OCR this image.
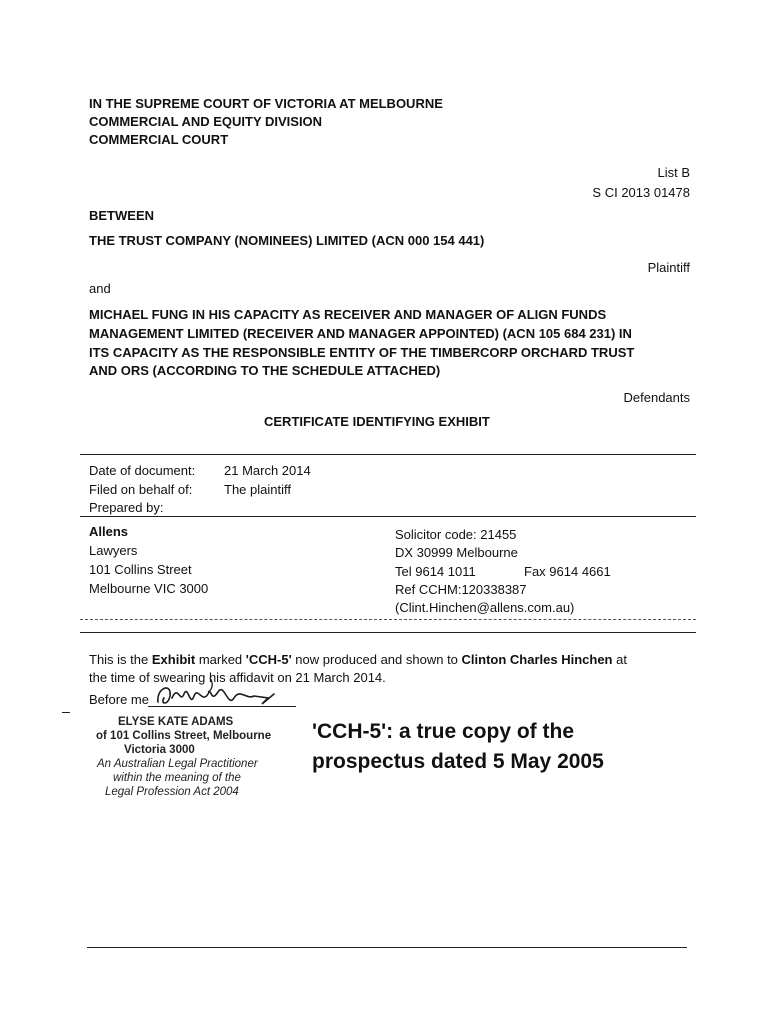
IN THE SUPREME COURT OF VICTORIA AT MELBOURNE
COMMERCIAL AND EQUITY DIVISION
COMMERCIAL COURT
List B
S CI 2013 01478
BETWEEN
THE TRUST COMPANY (NOMINEES) LIMITED (ACN 000 154 441)
Plaintiff
and
MICHAEL FUNG IN HIS CAPACITY AS RECEIVER AND MANAGER OF ALIGN FUNDS
MANAGEMENT LIMITED (RECEIVER AND MANAGER APPOINTED) (ACN 105 684 231) IN
ITS CAPACITY AS THE RESPONSIBLE ENTITY OF THE TIMBERCORP ORCHARD TRUST
AND ORS (ACCORDING TO THE SCHEDULE ATTACHED)
Defendants
CERTIFICATE IDENTIFYING EXHIBIT
Date of document: 21 March 2014
Filed on behalf of: The plaintiff
Prepared by:
Allens
Lawyers
101 Collins Street
Melbourne VIC 3000
Solicitor code: 21455
DX 30999 Melbourne
Tel 9614 1011	Fax 9614 4661
Ref CCHM:120338387
(Clint.Hinchen@allens.com.au)
This is the Exhibit marked 'CCH-5' now produced and shown to Clinton Charles Hinchen at
the time of swearing his affidavit on 21 March 2014.
Before me
ELYSE KATE ADAMS
of 101 Collins Street, Melbourne
Victoria 3000
An Australian Legal Practitioner
within the meaning of the
Legal Profession Act 2004
'CCH-5': a true copy of the
prospectus dated 5 May 2005
